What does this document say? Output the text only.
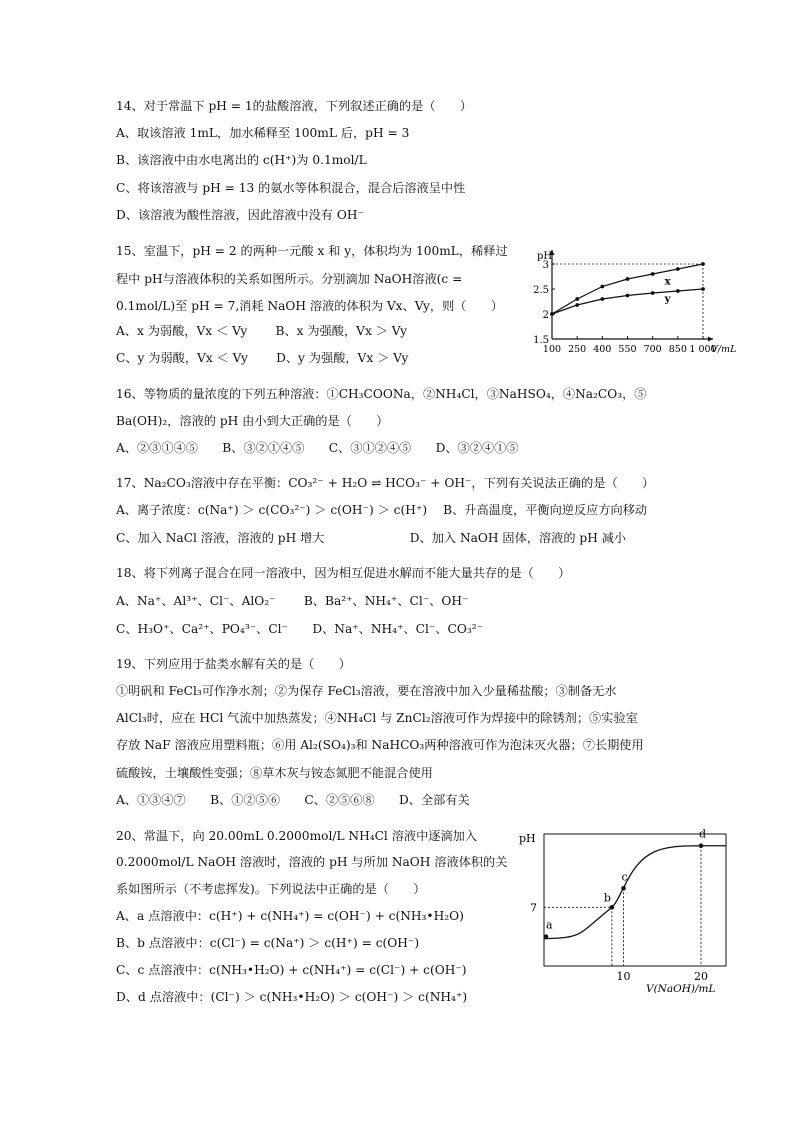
14、对于常温下 pH = 1的盐酸溶液，下列叙述正确的是（　　）
A、取该溶液 1mL，加水稀释至 100mL 后，pH = 3
B、该溶液中由水电离出的 c(H⁺)为 0.1mol/L
C、将该溶液与 pH = 13 的氨水等体积混合，混合后溶液呈中性
D、该溶液为酸性溶液，因此溶液中没有 OH⁻
15、室温下，pH = 2 的两种一元酸 x 和 y，体积均为 100mL，稀释过
程中 pH与溶液体积的关系如图所示。分别滴加 NaOH溶液(c =
0.1mol/L)至 pH = 7,消耗 NaOH 溶液的体积为 Vx、Vy，则（　　）
A、x 为弱酸，Vx ＜ Vy　　 B、x 为强酸，Vx ＞ Vy
C、y 为弱酸，Vx ＜ Vy　　 D、y 为强酸，Vx ＞ Vy
16、等物质的量浓度的下列五种溶液：①CH₃COONa，②NH₄Cl，③NaHSO₄，④Na₂CO₃，⑤
Ba(OH)₂，溶液的 pH 由小到大正确的是（　　）
A、②③①④⑤　　B、③②①④⑤　　C、③①②④⑤　　D、③②④①⑤
17、Na₂CO₃溶液中存在平衡：CO₃²⁻ + H₂O ⇌ HCO₃⁻ + OH⁻，下列有关说法正确的是（　　）
A、离子浓度：c(Na⁺) ＞ c(CO₃²⁻) ＞ c(OH⁻) ＞ c(H⁺)　 B、升高温度，平衡向逆反应方向移动
C、加入 NaCl 溶液，溶液的 pH 增大　　　　　　　D、加入 NaOH 固体，溶液的 pH 减小
18、将下列离子混合在同一溶液中，因为相互促进水解而不能大量共存的是（　　）
A、Na⁺、Al³⁺、Cl⁻、AlO₂⁻　　 B、Ba²⁺、NH₄⁺、Cl⁻、OH⁻
C、H₃O⁺、Ca²⁺、PO₄³⁻、Cl⁻　　D、Na⁺、NH₄⁺、Cl⁻、CO₃²⁻
19、下列应用于盐类水解有关的是（　　）
①明矾和 FeCl₃可作净水剂；②为保存 FeCl₃溶液，要在溶液中加入少量稀盐酸；③制备无水
AlCl₃时，应在 HCl 气流中加热蒸发；④NH₄Cl 与 ZnCl₂溶液可作为焊接中的除锈剂；⑤实验室
存放 NaF 溶液应用塑料瓶；⑥用 Al₂(SO₄)₃和 NaHCO₃两种溶液可作为泡沫灭火器；⑦长期使用
硫酸铵，土壤酸性变强；⑧草木灰与铵态氮肥不能混合使用
A、①③④⑦　　B、①②⑤⑥　　C、②⑤⑥⑧　　D、全部有关
20、常温下，向 20.00mL 0.2000mol/L NH₄Cl 溶液中逐滴加入
0.2000mol/L NaOH 溶液时，溶液的 pH 与所加 NaOH 溶液体积的关
系如图所示（不考虑挥发)。下列说法中正确的是（　　）
A、a 点溶液中：c(H⁺) + c(NH₄⁺) = c(OH⁻) + c(NH₃•H₂O)
B、b 点溶液中：c(Cl⁻) = c(Na⁺) ＞ c(H⁺) = c(OH⁻)
C、c 点溶液中：c(NH₃•H₂O) + c(NH₄⁺) = c(Cl⁻) + c(OH⁻)
D、d 点溶液中：(Cl⁻) ＞ c(NH₃•H₂O) ＞ c(OH⁻) ＞ c(NH₄⁺)
pH
V/mL
1.5
2
2.5
3
100 250 400 550 700 850 1 000
x
y
pH
V(NaOH)/mL
a
b
c
d
7
10	20
